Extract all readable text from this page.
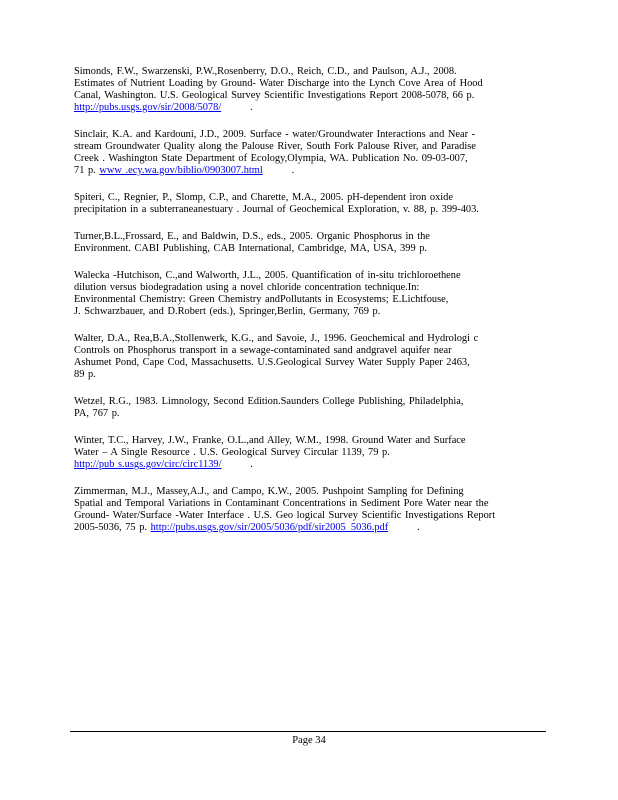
Simonds, F.W., Swarzenski, P.W.,Rosenberry, D.O., Reich, C.D., and Paulson, A.J., 2008.
Estimates of Nutrient Loading by Ground- Water Discharge into the Lynch Cove Area of Hood
Canal, Washington. U.S. Geological Survey Scientific Investigations Report 2008-5078, 66 p.
http://pubs.usgs.gov/sir/2008/5078/	.
Sinclair, K.A. and Kardouni, J.D., 2009. Surface - water/Groundwater Interactions and Near -
stream Groundwater Quality along the Palouse River, South Fork Palouse River, and Paradise
Creek . Washington State Department of Ecology,Olympia, WA. Publication No. 09-03-007,
71 p. www .ecy.wa.gov/biblio/0903007.html	.
Spiteri, C., Regnier, P., Slomp, C.P., and Charette, M.A., 2005. pH-dependent iron oxide
precipitation in a subterraneanestuary . Journal of Geochemical Exploration, v. 88, p. 399-403.
Turner,B.L.,Frossard, E., and Baldwin, D.S., eds., 2005. Organic Phosphorus in the
Environment. CABI Publishing, CAB International, Cambridge, MA, USA, 399 p.
Walecka -Hutchison, C.,and Walworth, J.L., 2005. Quantification of in-situ trichloroethene
dilution versus biodegradation using a novel chloride concentration technique.In:
Environmental Chemistry: Green Chemistry andPollutants in Ecosystems; E.Lichtfouse,
J. Schwarzbauer, and D.Robert (eds.), Springer,Berlin, Germany, 769 p.
Walter, D.A., Rea,B.A.,Stollenwerk, K.G., and Savoie, J., 1996. Geochemical and Hydrologi c
Controls on Phosphorus transport in a sewage-contaminated sand andgravel aquifer near
Ashumet Pond, Cape Cod, Massachusetts. U.S.Geological Survey Water Supply Paper 2463,
89 p.
Wetzel, R.G., 1983. Limnology, Second Edition.Saunders College Publishing, Philadelphia,
PA, 767 p.
Winter, T.C., Harvey, J.W., Franke, O.L.,and Alley, W.M., 1998. Ground Water and Surface
Water – A Single Resource . U.S. Geological Survey Circular 1139, 79 p.
http://pub s.usgs.gov/circ/circ1139/	.
Zimmerman, M.J., Massey,A.J., and Campo, K.W., 2005. Pushpoint Sampling for Defining
Spatial and Temporal Variations in Contaminant Concentrations in Sediment Pore Water near the
Ground- Water/Surface -Water Interface . U.S. Geo logical Survey Scientific Investigations Report
2005-5036, 75 p. http://pubs.usgs.gov/sir/2005/5036/pdf/sir2005_5036.pdf	.
Page 34
